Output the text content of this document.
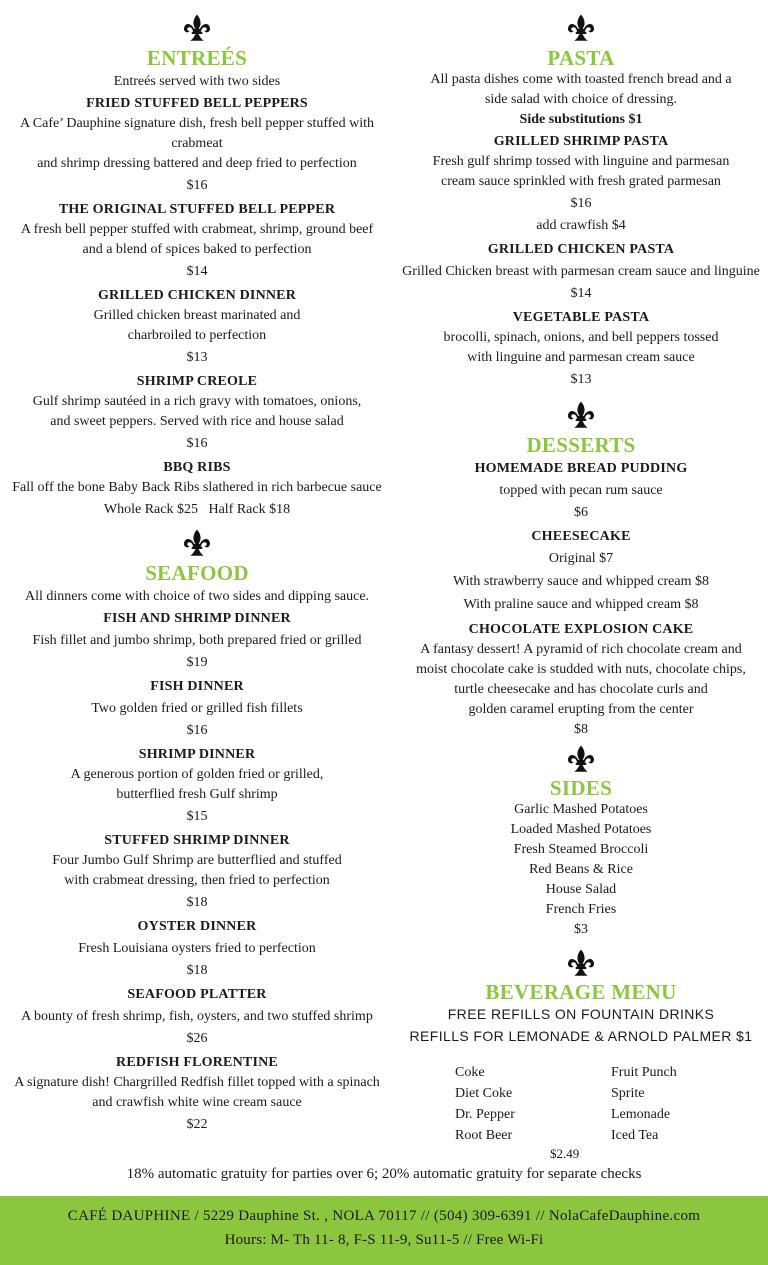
ENTREÉS
Entreés served with two sides
FRIED STUFFED BELL PEPPERS
A Cafe’ Dauphine signature dish, fresh bell pepper stuffed with crabmeat
and shrimp dressing battered and deep fried to perfection
$16
THE ORIGINAL STUFFED BELL PEPPER
A fresh bell pepper stuffed with crabmeat, shrimp, ground beef
and a blend of spices baked to perfection
$14
GRILLED CHICKEN DINNER
Grilled chicken breast marinated and
charbroiled to perfection
$13
SHRIMP CREOLE
Gulf shrimp sautéed in a rich gravy with tomatoes, onions,
and sweet peppers. Served with rice and house salad
$16
BBQ RIBS
Fall off the bone Baby Back Ribs slathered in rich barbecue sauce
Whole Rack $25   Half Rack $18
SEAFOOD
All dinners come with choice of two sides and dipping sauce.
FISH AND SHRIMP DINNER
Fish fillet and jumbo shrimp, both prepared fried or grilled
$19
FISH DINNER
Two golden fried or grilled fish fillets
$16
SHRIMP DINNER
A generous portion of golden fried or grilled,
butterflied fresh Gulf shrimp
$15
STUFFED SHRIMP DINNER
Four Jumbo Gulf Shrimp are butterflied and stuffed
with crabmeat dressing, then fried to perfection
$18
OYSTER DINNER
Fresh Louisiana oysters fried to perfection
$18
SEAFOOD PLATTER
A bounty of fresh shrimp, fish, oysters, and two stuffed shrimp
$26
REDFISH FLORENTINE
A signature dish! Chargrilled Redfish fillet topped with a spinach
and crawfish white wine cream sauce
$22
PASTA
All pasta dishes come with toasted french bread and a
side salad with choice of dressing.
Side substitutions $1
GRILLED SHRIMP PASTA
Fresh gulf shrimp tossed with linguine and parmesan
cream sauce sprinkled with fresh grated parmesan
$16
add crawfish $4
GRILLED CHICKEN PASTA
Grilled Chicken breast with parmesan cream sauce and linguine
$14
VEGETABLE PASTA
brocolli, spinach, onions, and bell peppers tossed
with linguine and parmesan cream sauce
$13
DESSERTS
HOMEMADE BREAD PUDDING
topped with pecan rum sauce
$6
CHEESECAKE
Original $7
With strawberry sauce and whipped cream $8
With praline sauce and whipped cream $8
CHOCOLATE EXPLOSION CAKE
A fantasy dessert! A pyramid of rich chocolate cream and
moist chocolate cake is studded with nuts, chocolate chips,
turtle cheesecake and has chocolate curls and
golden caramel erupting from the center
$8
SIDES
Garlic Mashed Potatoes
Loaded Mashed Potatoes
Fresh Steamed Broccoli
Red Beans & Rice
House Salad
French Fries
$3
BEVERAGE MENU
FREE REFILLS ON FOUNTAIN DRINKS
REFILLS FOR LEMONADE & ARNOLD PALMER $1
Coke
Diet Coke
Dr. Pepper
Root Beer
Fruit Punch
Sprite
Lemonade
Iced Tea
$2.49
18% automatic gratuity for parties over 6; 20% automatic gratuity for separate checks
CAFÉ DAUPHINE / 5229 Dauphine St. , NOLA 70117 // (504) 309-6391 // NolaCafeDauphine.com
Hours: M- Th 11- 8, F-S 11-9, Su11-5 // Free Wi-Fi
